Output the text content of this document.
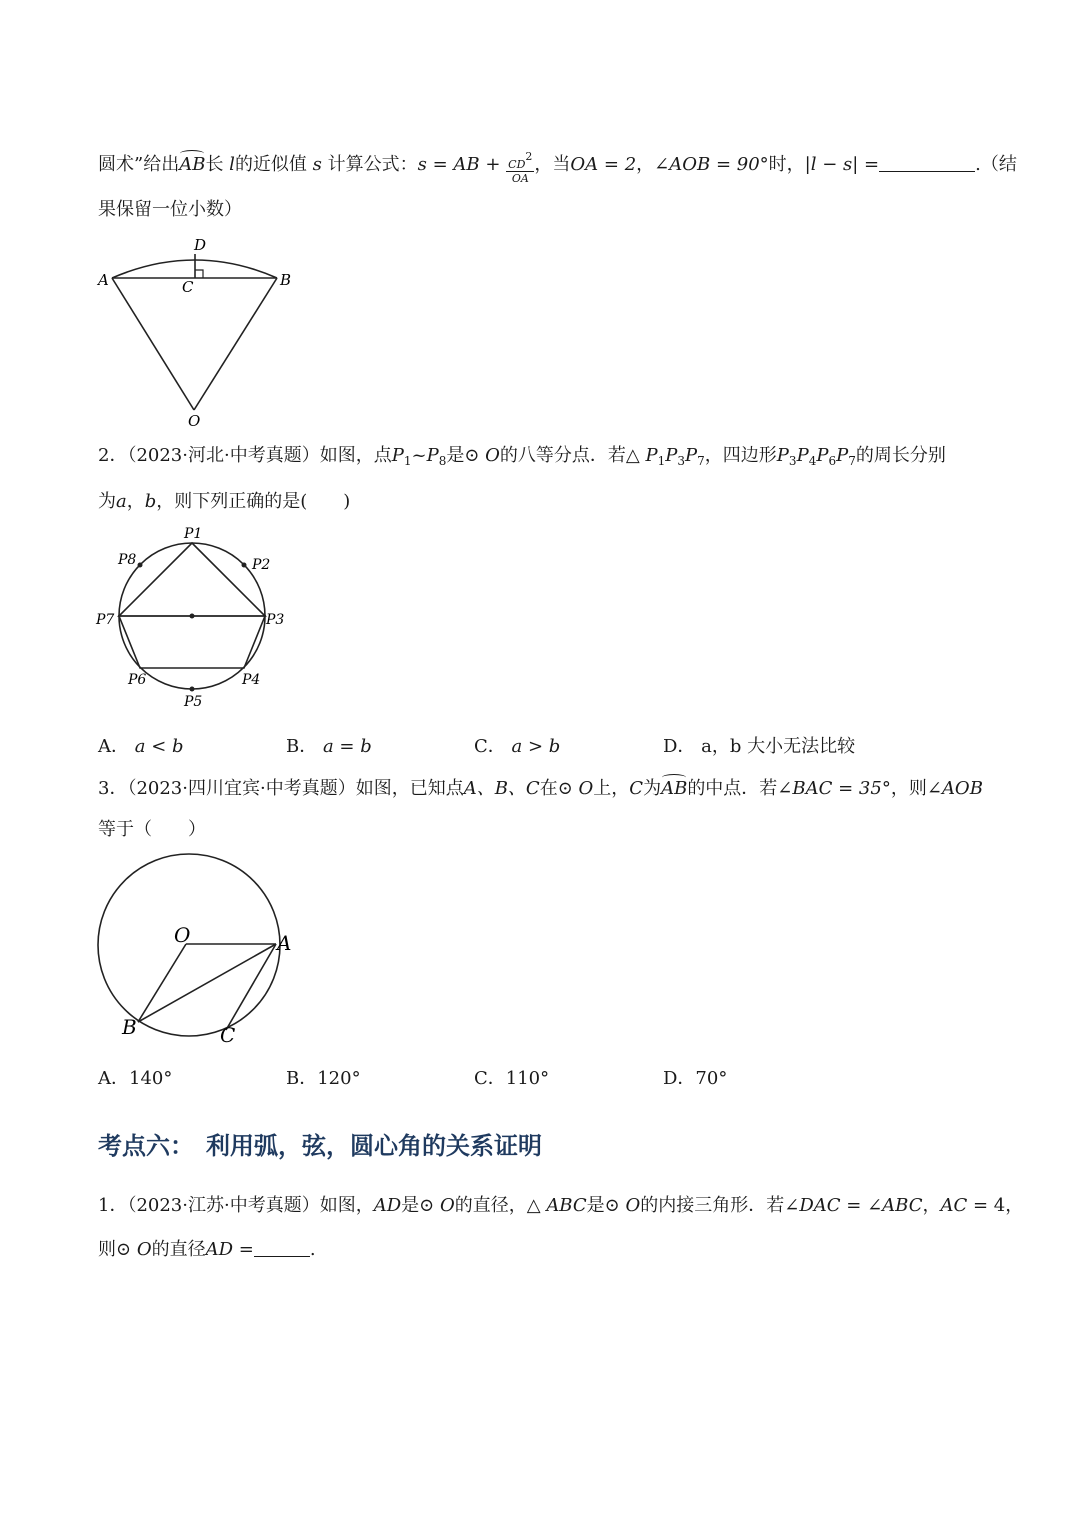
圆术”给出AB长 l的近似值 s 计算公式：s = AB + $\frac{CD2}{OA}$ ，当OA = 2，∠AOB = 90°时，|l − s| =	.（结
果保留一位小数）
D
A	C	B
O
2．（2023·河北·中考真题）如图，点$P_1\sim P_8$是⊙ O的八等分点．若△ $P_1P_3P_7$，四边形$P_3P_4P_6P_7$的周长分别
为a，b，则下列正确的是(　　)
P1
P2
P3
P4
P5
P6
P7
P8
A． a < b	B． a = b	C． a > b	D． a，b 大小无法比较
3．（2023·四川宜宾·中考真题）如图，已知点A、B、C在⊙ O上，C为AB的中点．若∠BAC = 35°，则∠AOB
等于（　　）
O	A
B	C
A．140°	B．120°	C．110°	D．70°
考点六：　利用弧，弦，圆心角的关系证明
1．（2023·江苏·中考真题）如图，AD是⊙ O的直径，△ ABC是⊙ O的内接三角形．若∠DAC = ∠ABC，AC = 4，
则⊙ O的直径AD =	.
